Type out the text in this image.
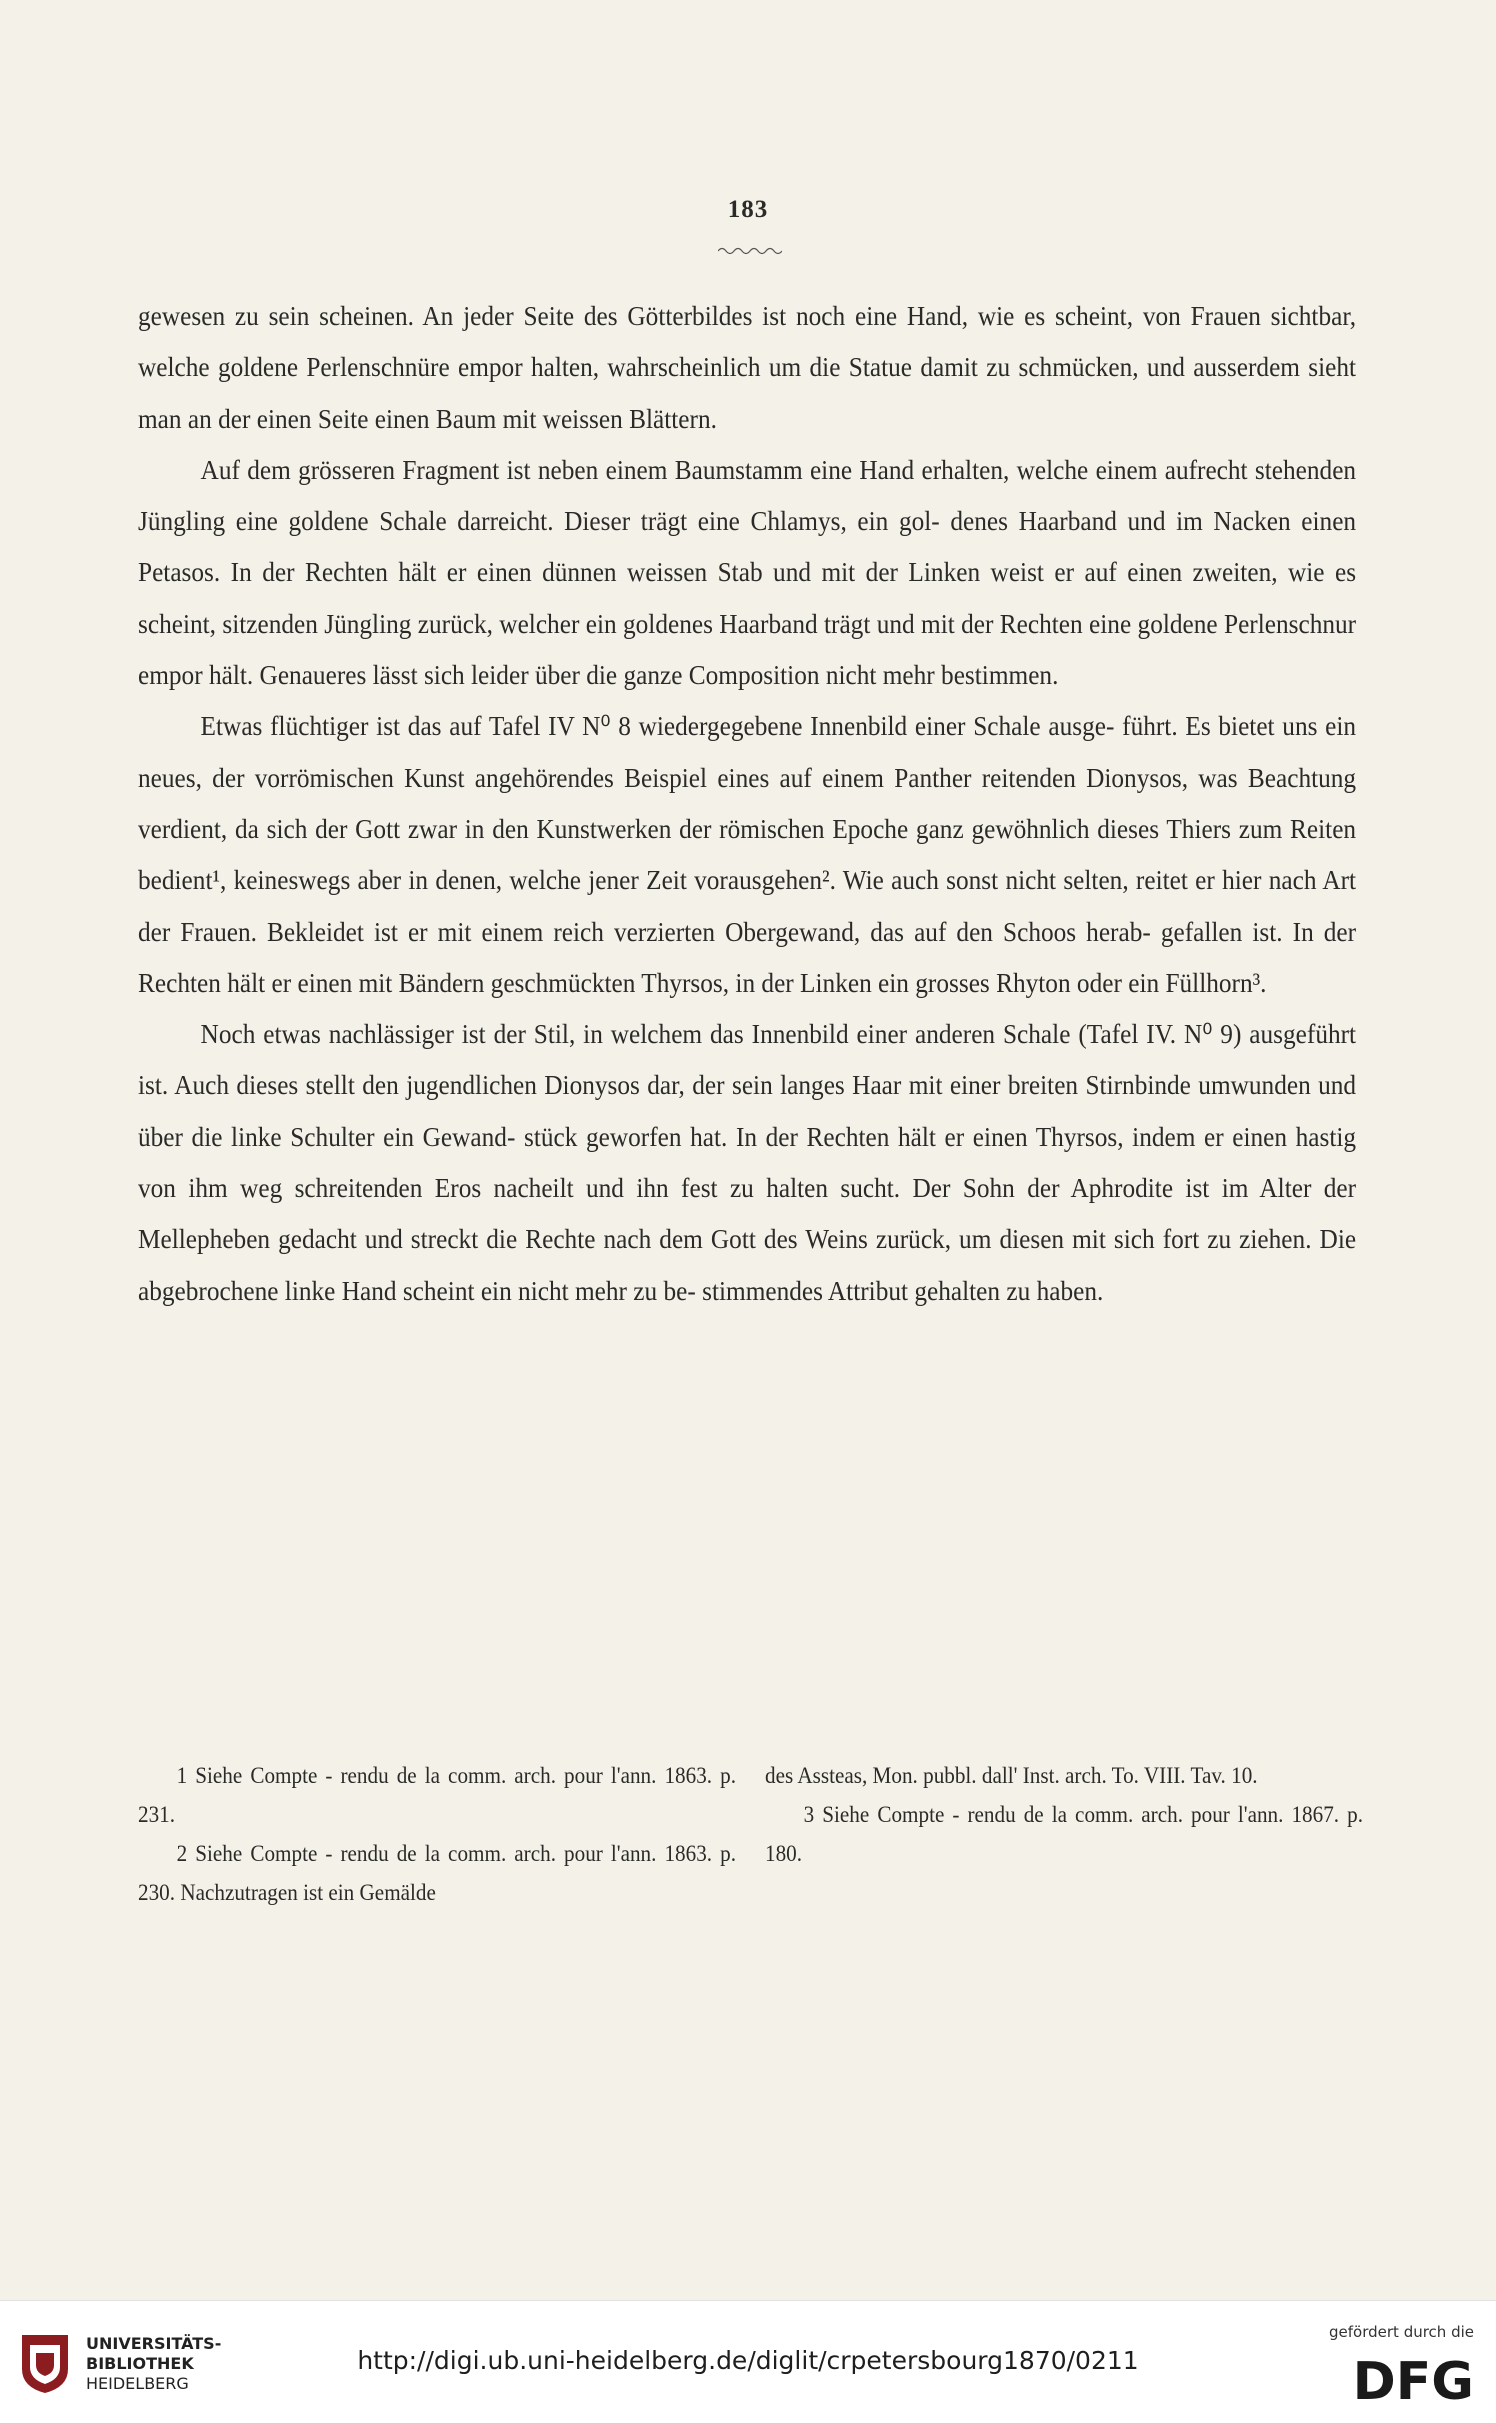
183

gewesen zu sein scheinen. An jeder Seite des Götterbildes ist noch eine Hand, wie es scheint, von Frauen sichtbar, welche goldene Perlenschnüre empor halten, wahrscheinlich um die Statue damit zu schmücken, und ausserdem sieht man an der einen Seite einen Baum mit weissen Blättern.

Auf dem grösseren Fragment ist neben einem Baumstamm eine Hand erhalten, welche einem aufrecht stehenden Jüngling eine goldene Schale darreicht. Dieser trägt eine Chlamys, ein gol- denes Haarband und im Nacken einen Petasos. In der Rechten hält er einen dünnen weissen Stab und mit der Linken weist er auf einen zweiten, wie es scheint, sitzenden Jüngling zurück, welcher ein goldenes Haarband trägt und mit der Rechten eine goldene Perlenschnur empor hält. Genaueres lässt sich leider über die ganze Composition nicht mehr bestimmen.

Etwas flüchtiger ist das auf Tafel IV N⁰ 8 wiedergegebene Innenbild einer Schale ausge- führt. Es bietet uns ein neues, der vorrömischen Kunst angehörendes Beispiel eines auf einem Panther reitenden Dionysos, was Beachtung verdient, da sich der Gott zwar in den Kunstwerken der römischen Epoche ganz gewöhnlich dieses Thiers zum Reiten bedient¹, keineswegs aber in denen, welche jener Zeit vorausgehen². Wie auch sonst nicht selten, reitet er hier nach Art der Frauen. Bekleidet ist er mit einem reich verzierten Obergewand, das auf den Schoos herab- gefallen ist. In der Rechten hält er einen mit Bändern geschmückten Thyrsos, in der Linken ein grosses Rhyton oder ein Füllhorn³.

Noch etwas nachlässiger ist der Stil, in welchem das Innenbild einer anderen Schale (Tafel IV. N⁰ 9) ausgeführt ist. Auch dieses stellt den jugendlichen Dionysos dar, der sein langes Haar mit einer breiten Stirnbinde umwunden und über die linke Schulter ein Gewand- stück geworfen hat. In der Rechten hält er einen Thyrsos, indem er einen hastig von ihm weg schreitenden Eros nacheilt und ihn fest zu halten sucht. Der Sohn der Aphrodite ist im Alter der Mellepheben gedacht und streckt die Rechte nach dem Gott des Weins zurück, um diesen mit sich fort zu ziehen. Die abgebrochene linke Hand scheint ein nicht mehr zu be- stimmendes Attribut gehalten zu haben.

1 Siehe Compte - rendu de la comm. arch. pour l'ann. 1863. p. 231.

2 Siehe Compte - rendu de la comm. arch. pour l'ann. 1863. p. 230. Nachzutragen ist ein Gemälde

des Assteas, Mon. pubbl. dall' Inst. arch. To. VIII. Tav. 10.

3 Siehe Compte - rendu de la comm. arch. pour l'ann. 1867. p. 180.

UNIVERSITÄTS-
BIBLIOTHEK
HEIDELBERG
http://digi.ub.uni-heidelberg.de/diglit/crpetersbourg1870/0211
gefördert durch die
DFG
